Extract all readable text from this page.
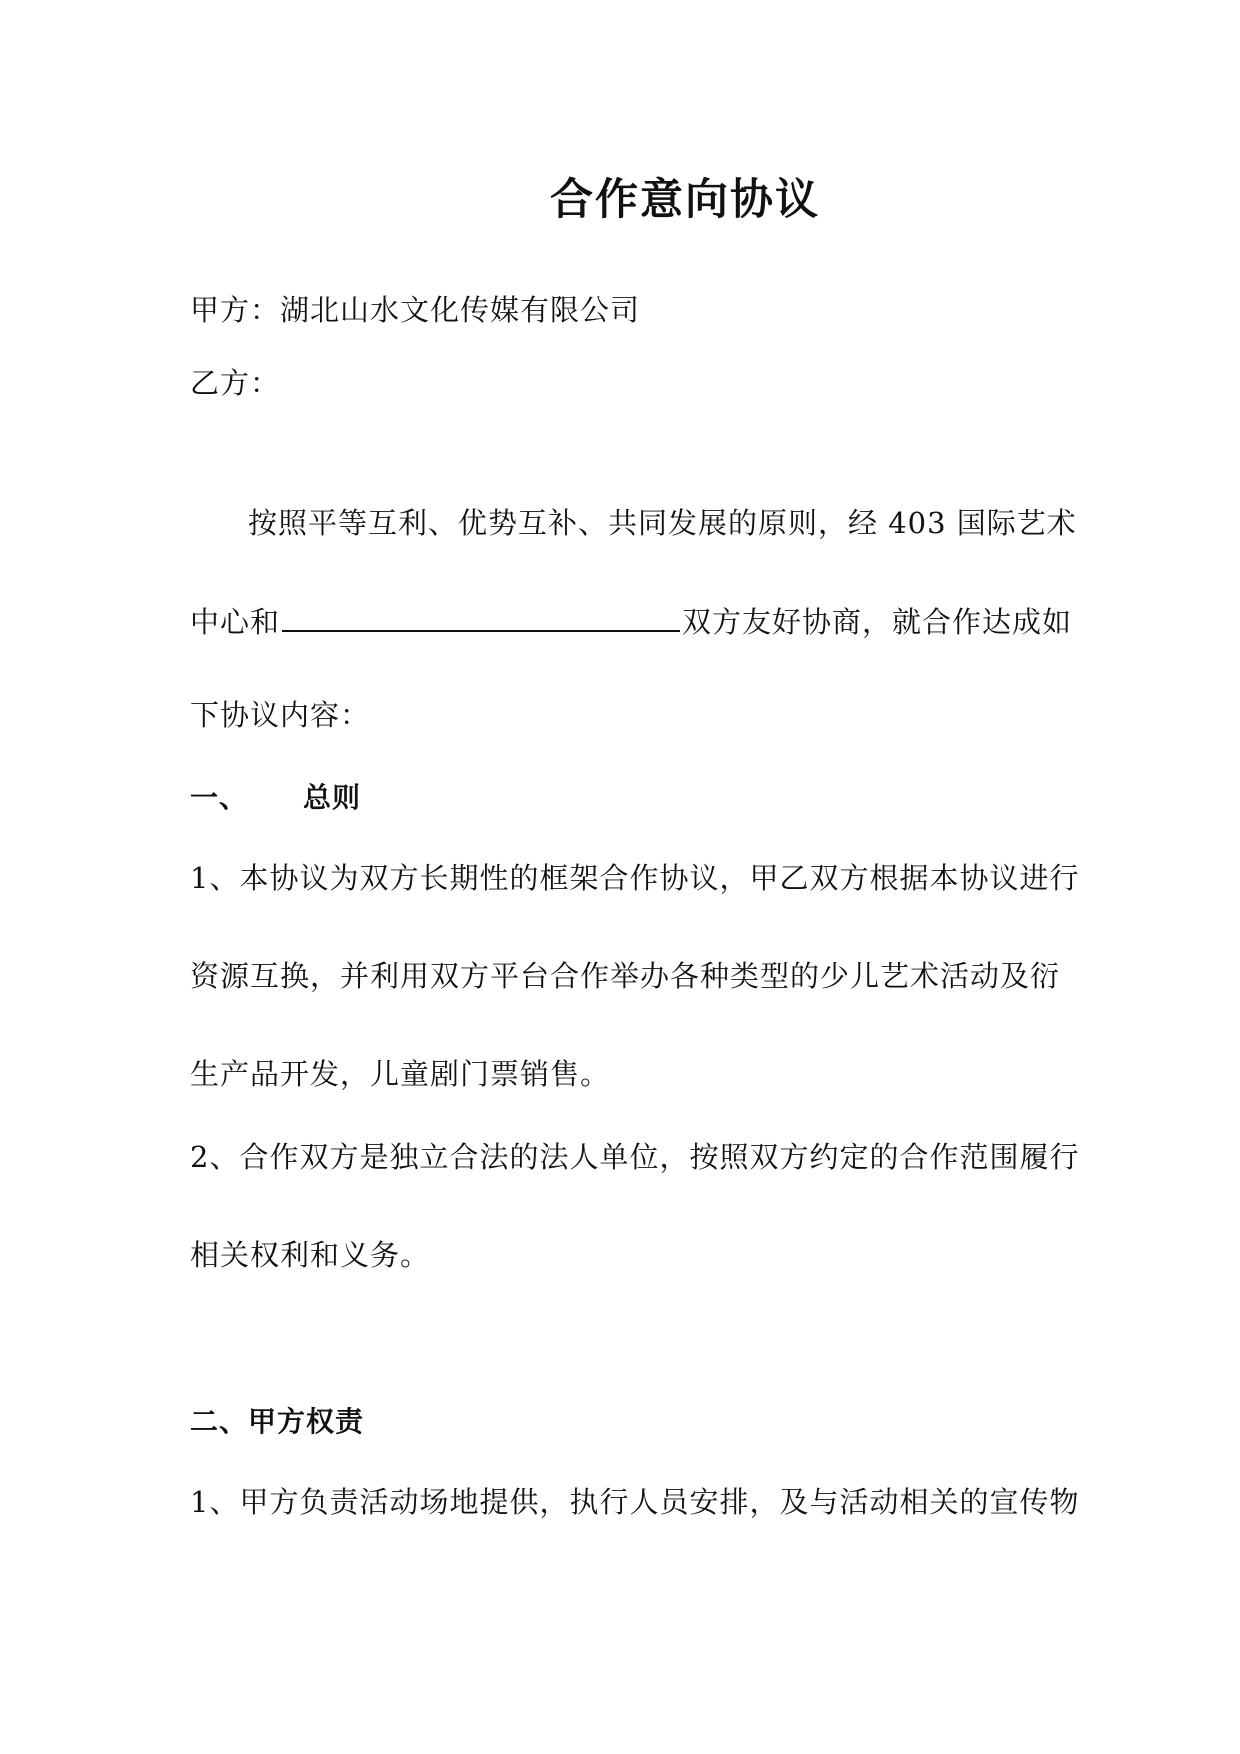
合作意向协议
甲方：湖北山水文化传媒有限公司
乙方：
按照平等互利、优势互补、共同发展的原则，经 403 国际艺术
中心和	双方友好协商，就合作达成如
下协议内容：
一、 总则
1、本协议为双方长期性的框架合作协议，甲乙双方根据本协议进行
资源互换，并利用双方平台合作举办各种类型的少儿艺术活动及衍
生产品开发，儿童剧门票销售。
2、合作双方是独立合法的法人单位，按照双方约定的合作范围履行
相关权利和义务。
二、甲方权责
1、甲方负责活动场地提供，执行人员安排，及与活动相关的宣传物
